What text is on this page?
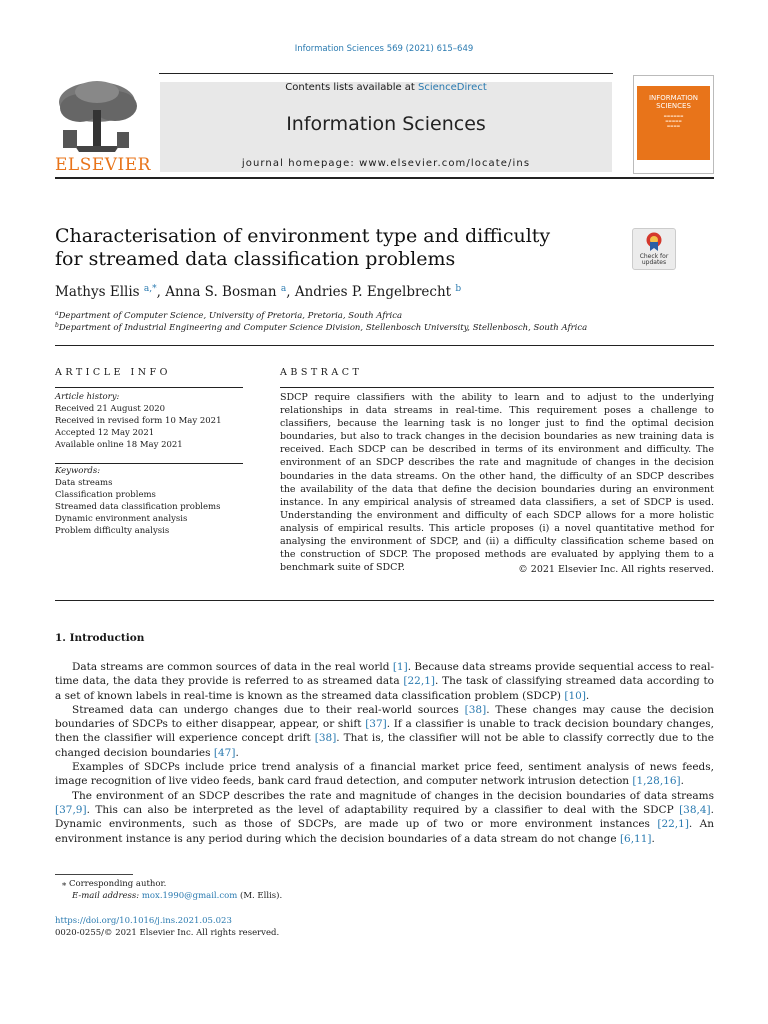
Information Sciences 569 (2021) 615–649
ELSEVIER
Contents lists available at ScienceDirect
Information Sciences
journal homepage: www.elsevier.com/locate/ins
INFORMATION SCIENCES
▬▬▬▬▬▬
▬▬▬▬▬
▬▬▬▬
Characterisation of environment type and difficulty for streamed data classification problems	Check for updates
Mathys Ellis $^{a,*}$, Anna S. Bosman $^a$, Andries P. Engelbrecht $^b$
$^a$Department of Computer Science, University of Pretoria, Pretoria, South Africa
$^b$Department of Industrial Engineering and Computer Science Division, Stellenbosch University, Stellenbosch, South Africa
ARTICLE INFO
Article history:
Received 21 August 2020
Received in revised form 10 May 2021
Accepted 12 May 2021
Available online 18 May 2021
Keywords:
Data streams
Classification problems
Streamed data classification problems
Dynamic environment analysis
Problem difficulty analysis
ABSTRACT
SDCP require classifiers with the ability to learn and to adjust to the underlying relationships in data streams in real-time. This requirement poses a challenge to classifiers, because the learning task is no longer just to find the optimal decision boundaries, but also to track changes in the decision boundaries as new training data is received. Each SDCP can be described in terms of its environment and difficulty. The environment of an SDCP describes the rate and magnitude of changes in the decision boundaries in the data streams. On the other hand, the difficulty of an SDCP describes the availability of the data that define the decision boundaries during an environment instance. In any empirical analysis of streamed data classifiers, a set of SDCP is used. Understanding the environment and difficulty of each SDCP allows for a more holistic analysis of empirical results. This article proposes (i) a novel quantitative method for analysing the environment of SDCP, and (ii) a difficulty classification scheme based on the construction of SDCP. The proposed methods are evaluated by applying them to a benchmark suite of SDCP.	© 2021 Elsevier Inc. All rights reserved.
1. Introduction

Data streams are common sources of data in the real world [1]. Because data streams provide sequential access to real-time data, the data they provide is referred to as streamed data [22,1]. The task of classifying streamed data according to a set of known labels in real-time is known as the streamed data classification problem (SDCP) [10].

Streamed data can undergo changes due to their real-world sources [38]. These changes may cause the decision boundaries of SDCPs to either disappear, appear, or shift [37]. If a classifier is unable to track decision boundary changes, then the classifier will experience concept drift [38]. That is, the classifier will not be able to classify correctly due to the changed decision boundaries [47].

Examples of SDCPs include price trend analysis of a financial market price feed, sentiment analysis of news feeds, image recognition of live video feeds, bank card fraud detection, and computer network intrusion detection [1,28,16].

The environment of an SDCP describes the rate and magnitude of changes in the decision boundaries of data streams [37,9]. This can also be interpreted as the level of adaptability required by a classifier to deal with the SDCP [38,4]. Dynamic environments, such as those of SDCPs, are made up of two or more environment instances [22,1]. An environment instance is any period during which the decision boundaries of a data stream do not change [6,11].

⁎ Corresponding author.
E-mail address: mox.1990@gmail.com (M. Ellis).
https://doi.org/10.1016/j.ins.2021.05.023
0020-0255/© 2021 Elsevier Inc. All rights reserved.
